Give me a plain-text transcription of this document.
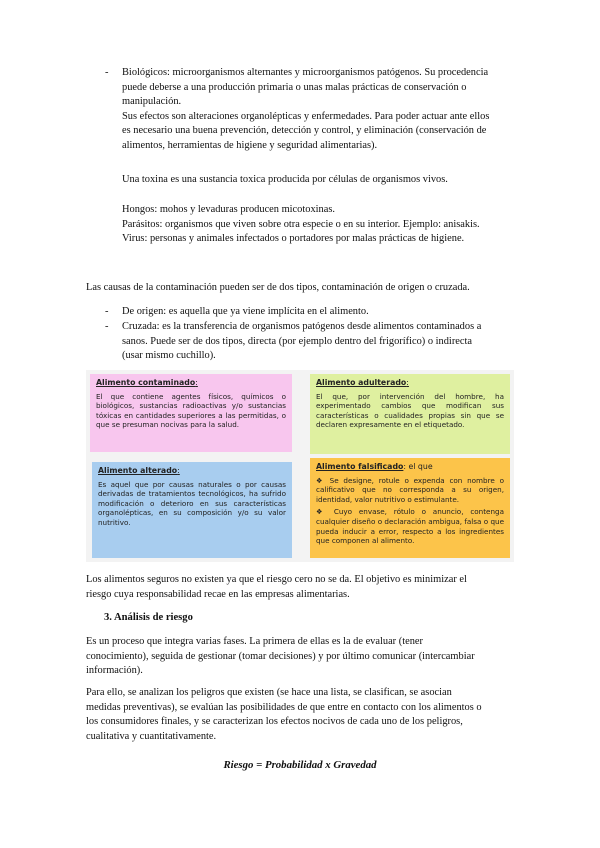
- Biológicos: microorganismos alternantes y microorganismos patógenos. Su procedencia

puede deberse a una producción primaria o unas malas prácticas de conservación o

manipulación.

Sus efectos son alteraciones organolépticas y enfermedades. Para poder actuar ante ellos

es necesario una buena prevención, detección y control, y eliminación (conservación de

alimentos, herramientas de higiene y seguridad alimentarias).

Una toxina es una sustancia toxica producida por células de organismos vivos.

Hongos: mohos y levaduras producen micotoxinas.

Parásitos: organismos que viven sobre otra especie o en su interior. Ejemplo: anisakis.

Virus: personas y animales infectados o portadores por malas prácticas de higiene.

Las causas de la contaminación pueden ser de dos tipos, contaminación de origen o cruzada.

- De origen: es aquella que ya viene implícita en el alimento.

- Cruzada: es la transferencia de organismos patógenos desde alimentos contaminados a

sanos. Puede ser de dos tipos, directa (por ejemplo dentro del frigorífico) o indirecta

(usar mismo cuchillo).

Alimento contaminado:
El que contiene agentes físicos, químicos o biológicos, sustancias radioactivas y/o sustancias tóxicas en cantidades superiores a las permitidas, o que se presuman nocivas para la salud.
Alimento adulterado:
El que, por intervención del hombre, ha experimentado cambios que modifican sus características o cualidades propias sin que se declaren expresamente en el etiquetado.
Alimento alterado:
Es aquel que por causas naturales o por causas derivadas de tratamientos tecnológicos, ha sufrido modificación o deterioro en sus características organolépticas, en su composición y/o su valor nutritivo.
Alimento falsificado: el que
❖ Se designe, rotule o expenda con nombre o calificativo que no corresponda a su origen, identidad, valor nutritivo o estimulante.
❖ Cuyo envase, rótulo o anuncio, contenga cualquier diseño o declaración ambigua, falsa o que pueda inducir a error, respecto a los ingredientes que componen al alimento.

Los alimentos seguros no existen ya que el riesgo cero no se da. El objetivo es minimizar el

riesgo cuya responsabilidad recae en las empresas alimentarias.

3. Análisis de riesgo

Es un proceso que integra varias fases. La primera de ellas es la de evaluar (tener

conocimiento), seguida de gestionar (tomar decisiones) y por último comunicar (intercambiar

información).

Para ello, se analizan los peligros que existen (se hace una lista, se clasifican, se asocian

medidas preventivas), se evalúan las posibilidades de que entre en contacto con los alimentos o

los consumidores finales, y se caracterizan los efectos nocivos de cada uno de los peligros,

cualitativa y cuantitativamente.

Riesgo = Probabilidad x Gravedad
